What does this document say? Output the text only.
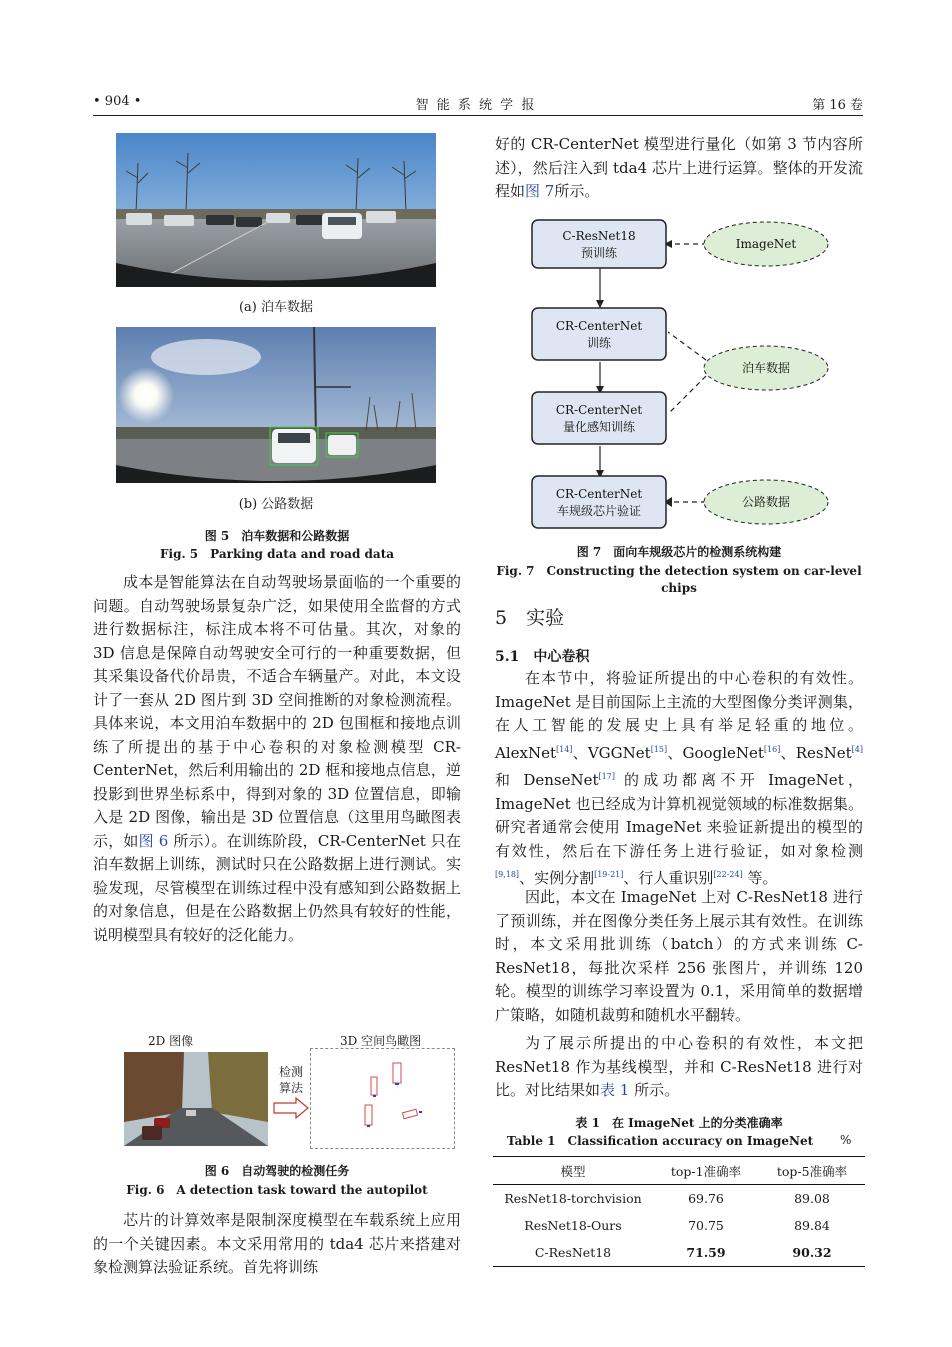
• 904 •	智 能 系 统 学 报	第 16 卷
(a) 泊车数据
(b) 公路数据
图 5　泊车数据和公路数据
Fig. 5　Parking data and road data

成本是智能算法在自动驾驶场景面临的一个重要的问题。自动驾驶场景复杂广泛，如果使用全监督的方式进行数据标注，标注成本将不可估量。其次，对象的 3D 信息是保障自动驾驶安全可行的一种重要数据，但其采集设备代价昂贵，不适合车辆量产。对此，本文设计了一套从 2D 图片到 3D 空间推断的对象检测流程。具体来说，本文用泊车数据中的 2D 包围框和接地点训练了所提出的基于中心卷积的对象检测模型 CR-CenterNet，然后利用输出的 2D 框和接地点信息，逆投影到世界坐标系中，得到对象的 3D 位置信息，即输入是 2D 图像，输出是 3D 位置信息（这里用鸟瞰图表示，如图 6 所示）。在训练阶段，CR-CenterNet 只在泊车数据上训练，测试时只在公路数据上进行测试。实验发现，尽管模型在训练过程中没有感知到公路数据上的对象信息，但是在公路数据上仍然具有较好的性能，说明模型具有较好的泛化能力。

2D 图像	3D 空间鸟瞰图
检测
算法
图 6　自动驾驶的检测任务
Fig. 6　A detection task toward the autopilot

芯片的计算效率是限制深度模型在车载系统上应用的一个关键因素。本文采用常用的 tda4 芯片来搭建对象检测算法验证系统。首先将训练

好的 CR-CenterNet 模型进行量化（如第 3 节内容所述），然后注入到 tda4 芯片上进行运算。整体的开发流程如图 7所示。

C-ResNet18
预训练
CR-CenterNet
训练
CR-CenterNet
量化感知训练
CR-CenterNet
车规级芯片验证
ImageNet
泊车数据
公路数据
图 7　面向车规级芯片的检测系统构建
Fig. 7　Constructing the detection system on car-level chips
5　实验
5.1　中心卷积

在本节中，将验证所提出的中心卷积的有效性。ImageNet 是目前国际上主流的大型图像分类评测集，在人工智能的发展史上具有举足轻重的地位。AlexNet[14]、VGGNet[15]、GoogleNet[16]、ResNet[4] 和 DenseNet[17] 的成功都离不开 ImageNet，ImageNet 也已经成为计算机视觉领域的标准数据集。研究者通常会使用 ImageNet 来验证新提出的模型的有效性，然后在下游任务上进行验证，如对象检测[9,18]、实例分割[19-21]、行人重识别[22-24] 等。

因此，本文在 ImageNet 上对 C-ResNet18 进行了预训练，并在图像分类任务上展示其有效性。在训练时，本文采用批训练（batch）的方式来训练 C-ResNet18，每批次采样 256 张图片，并训练 120 轮。模型的训练学习率设置为 0.1，采用简单的数据增广策略，如随机裁剪和随机水平翻转。

为了展示所提出的中心卷积的有效性，本文把 ResNet18 作为基线模型，并和 C-ResNet18 进行对比。对比结果如表 1 所示。

表 1　在 ImageNet 上的分类准确率
Table 1　Classification accuracy on ImageNet	%
模型	top-1准确率	top-5准确率
ResNet18-torchvision	69.76	89.08
ResNet18-Ours	70.75	89.84
C-ResNet18	71.59	90.32
